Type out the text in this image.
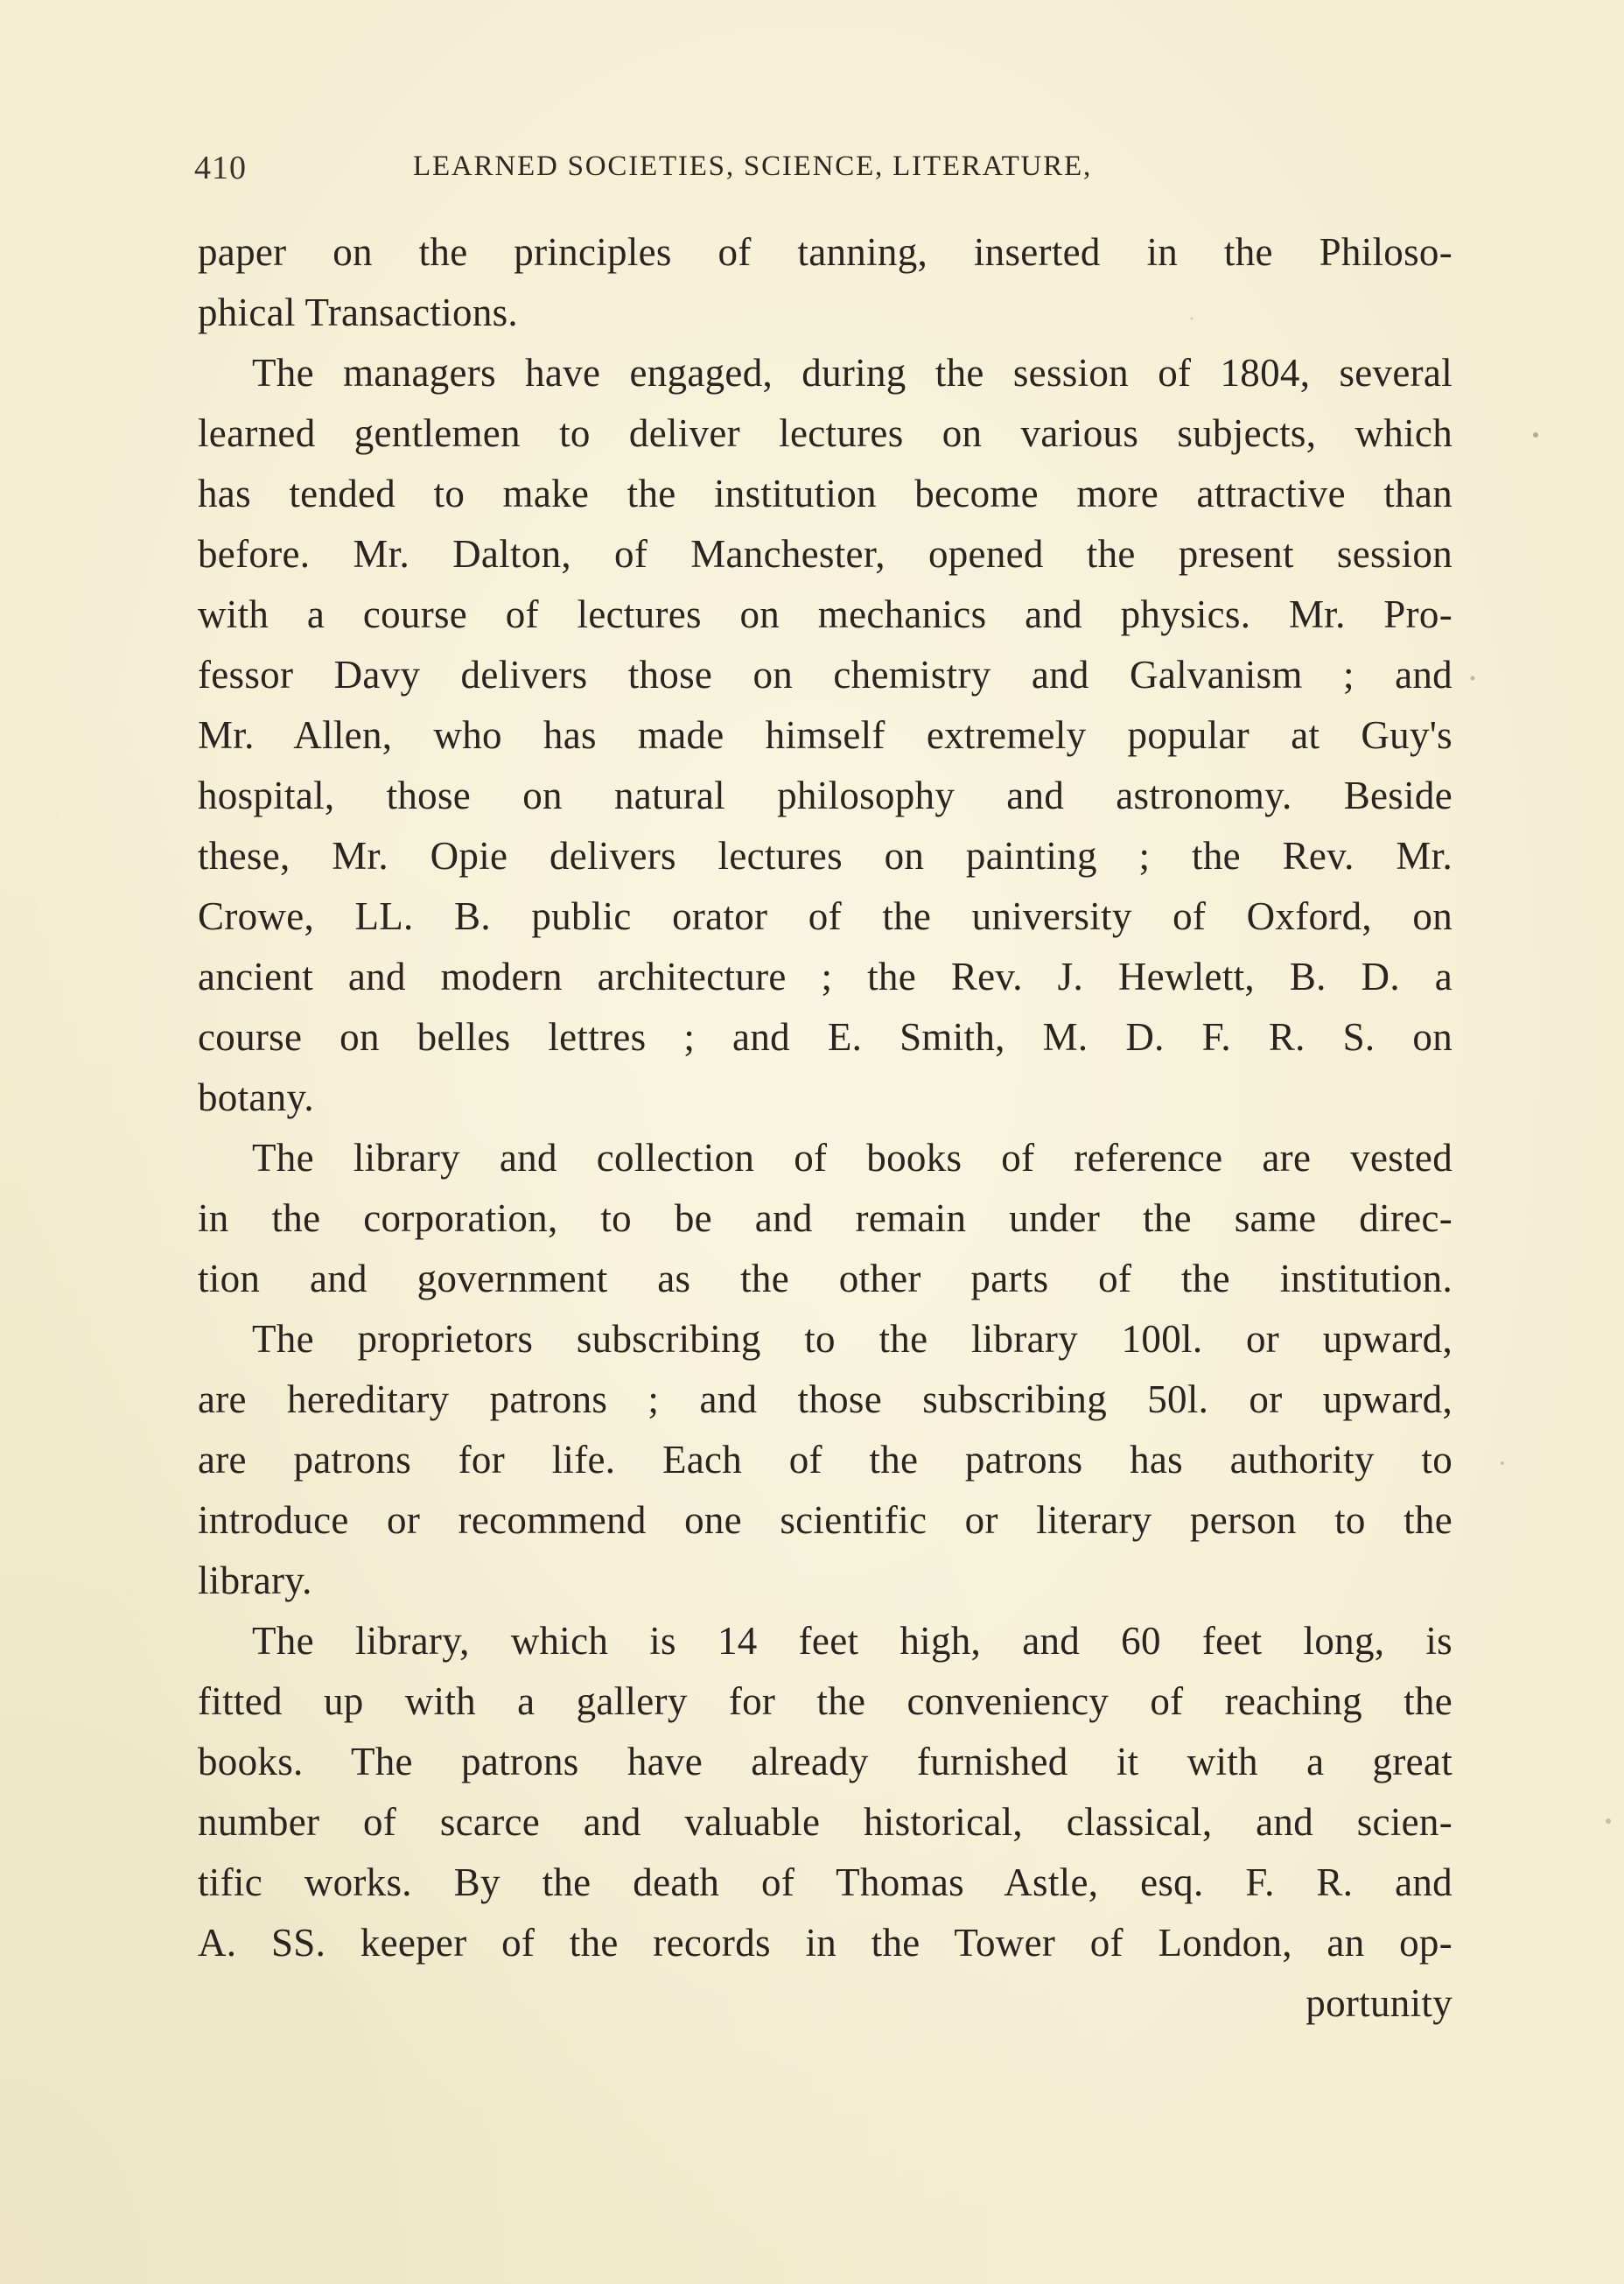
410	LEARNED SOCIETIES, SCIENCE, LITERATURE,
paper on the principles of tanning, inserted in the Philoso-
phical Transactions.
The managers have engaged, during the session of 1804, several
learned gentlemen to deliver lectures on various subjects, which
has tended to make the institution become more attractive than
before. Mr. Dalton, of Manchester, opened the present session
with a course of lectures on mechanics and physics. Mr. Pro-
fessor Davy delivers those on chemistry and Galvanism ; and
Mr. Allen, who has made himself extremely popular at Guy's
hospital, those on natural philosophy and astronomy. Beside
these, Mr. Opie delivers lectures on painting ; the Rev. Mr.
Crowe, LL. B. public orator of the university of Oxford, on
ancient and modern architecture ; the Rev. J. Hewlett, B. D. a
course on belles lettres ; and E. Smith, M. D. F. R. S. on
botany.
The library and collection of books of reference are vested
in the corporation, to be and remain under the same direc-
tion and government as the other parts of the institution.
The proprietors subscribing to the library 100l. or upward,
are hereditary patrons ; and those subscribing 50l. or upward,
are patrons for life. Each of the patrons has authority to
introduce or recommend one scientific or literary person to the
library.
The library, which is 14 feet high, and 60 feet long, is
fitted up with a gallery for the conveniency of reaching the
books. The patrons have already furnished it with a great
number of scarce and valuable historical, classical, and scien-
tific works. By the death of Thomas Astle, esq. F. R. and
A. SS. keeper of the records in the Tower of London, an op-
portunity
